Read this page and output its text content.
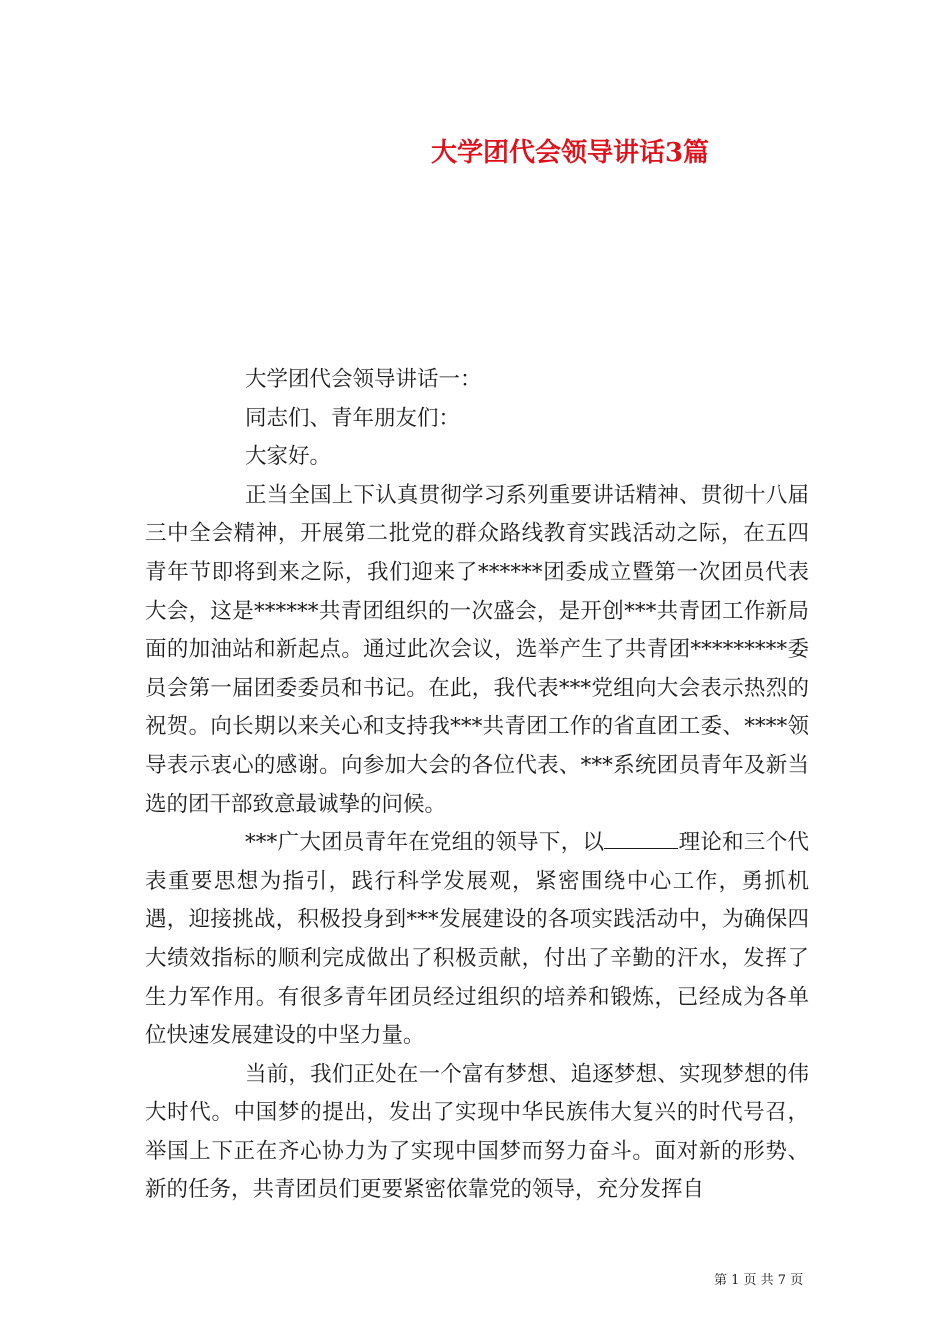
大学团代会领导讲话3篇

大学团代会领导讲话一：

同志们、青年朋友们：

大家好。

正当全国上下认真贯彻学习系列重要讲话精神、贯彻十八届三中全会精神，开展第二批党的群众路线教育实践活动之际，在五四青年节即将到来之际，我们迎来了******团委成立暨第一次团员代表大会，这是******共青团组织的一次盛会，是开创***共青团工作新局面的加油站和新起点。通过此次会议，选举产生了共青团*********委员会第一届团委委员和书记。在此，我代表***党组向大会表示热烈的祝贺。向长期以来关心和支持我***共青团工作的省直团工委、****领导表示衷心的感谢。向参加大会的各位代表、***系统团员青年及新当选的团干部致意最诚挚的问候。

***广大团员青年在党组的领导下，以	理论和三个代表重要思想为指引，践行科学发展观，紧密围绕中心工作，勇抓机遇，迎接挑战，积极投身到***发展建设的各项实践活动中，为确保四大绩效指标的顺利完成做出了积极贡献，付出了辛勤的汗水，发挥了生力军作用。有很多青年团员经过组织的培养和锻炼，已经成为各单位快速发展建设的中坚力量。

当前，我们正处在一个富有梦想、追逐梦想、实现梦想的伟大时代。中国梦的提出，发出了实现中华民族伟大复兴的时代号召，举国上下正在齐心协力为了实现中国梦而努力奋斗。面对新的形势、新的任务，共青团员们更要紧密依靠党的领导，充分发挥自

第 1 页 共 7 页
